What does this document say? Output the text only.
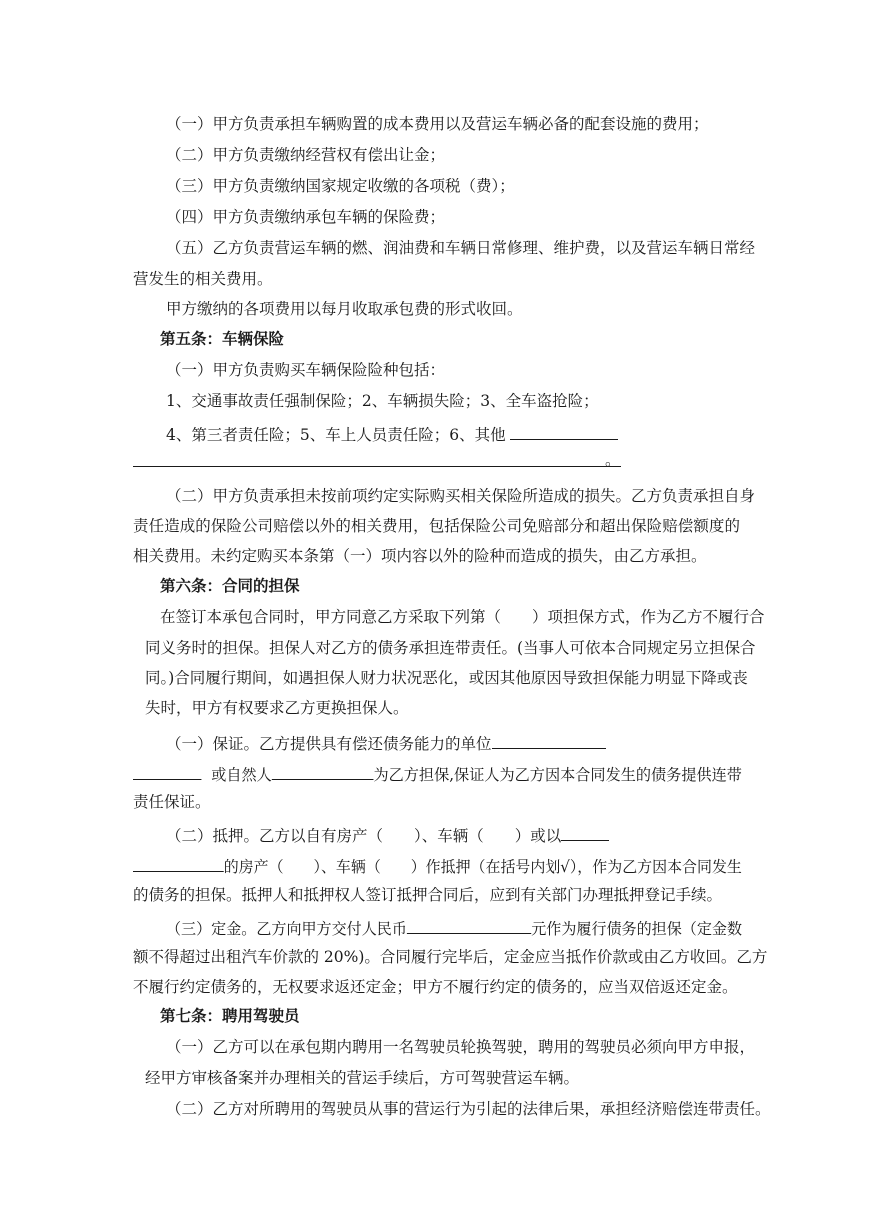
（一）甲方负责承担车辆购置的成本费用以及营运车辆必备的配套设施的费用；
（二）甲方负责缴纳经营权有偿出让金；
（三）甲方负责缴纳国家规定收缴的各项税（费）；
（四）甲方负责缴纳承包车辆的保险费；
（五）乙方负责营运车辆的燃、润油费和车辆日常修理、维护费，以及营运车辆日常经
营发生的相关费用。
甲方缴纳的各项费用以每月收取承包费的形式收回。
第五条：车辆保险
（一）甲方负责购买车辆保险险种包括：
1、交通事故责任强制保险；2、车辆损失险；3、全车盗抢险；
4、第三者责任险；5、车上人员责任险；6、其他
。
（二）甲方负责承担未按前项约定实际购买相关保险所造成的损失。乙方负责承担自身
责任造成的保险公司赔偿以外的相关费用，包括保险公司免赔部分和超出保险赔偿额度的
相关费用。未约定购买本条第（一）项内容以外的险种而造成的损失，由乙方承担。
第六条：合同的担保
在签订本承包合同时，甲方同意乙方采取下列第（　　）项担保方式，作为乙方不履行合
同义务时的担保。担保人对乙方的债务承担连带责任。(当事人可依本合同规定另立担保合
同。)合同履行期间，如遇担保人财力状况恶化，或因其他原因导致担保能力明显下降或丧
失时，甲方有权要求乙方更换担保人。
（一）保证。乙方提供具有偿还债务能力的单位
或自然人	为乙方担保,保证人为乙方因本合同发生的债务提供连带
责任保证。
（二）抵押。乙方以自有房产（　　）、车辆（　　）或以
的房产（　　）、车辆（　　）作抵押（在括号内划√），作为乙方因本合同发生
的债务的担保。抵押人和抵押权人签订抵押合同后，应到有关部门办理抵押登记手续。
（三）定金。乙方向甲方交付人民币	元作为履行债务的担保（定金数
额不得超过出租汽车价款的 20%)。合同履行完毕后，定金应当抵作价款或由乙方收回。乙方
不履行约定债务的，无权要求返还定金；甲方不履行约定的债务的，应当双倍返还定金。
第七条：聘用驾驶员
（一）乙方可以在承包期内聘用一名驾驶员轮换驾驶，聘用的驾驶员必须向甲方申报，
经甲方审核备案并办理相关的营运手续后，方可驾驶营运车辆。
（二）乙方对所聘用的驾驶员从事的营运行为引起的法律后果，承担经济赔偿连带责任。
